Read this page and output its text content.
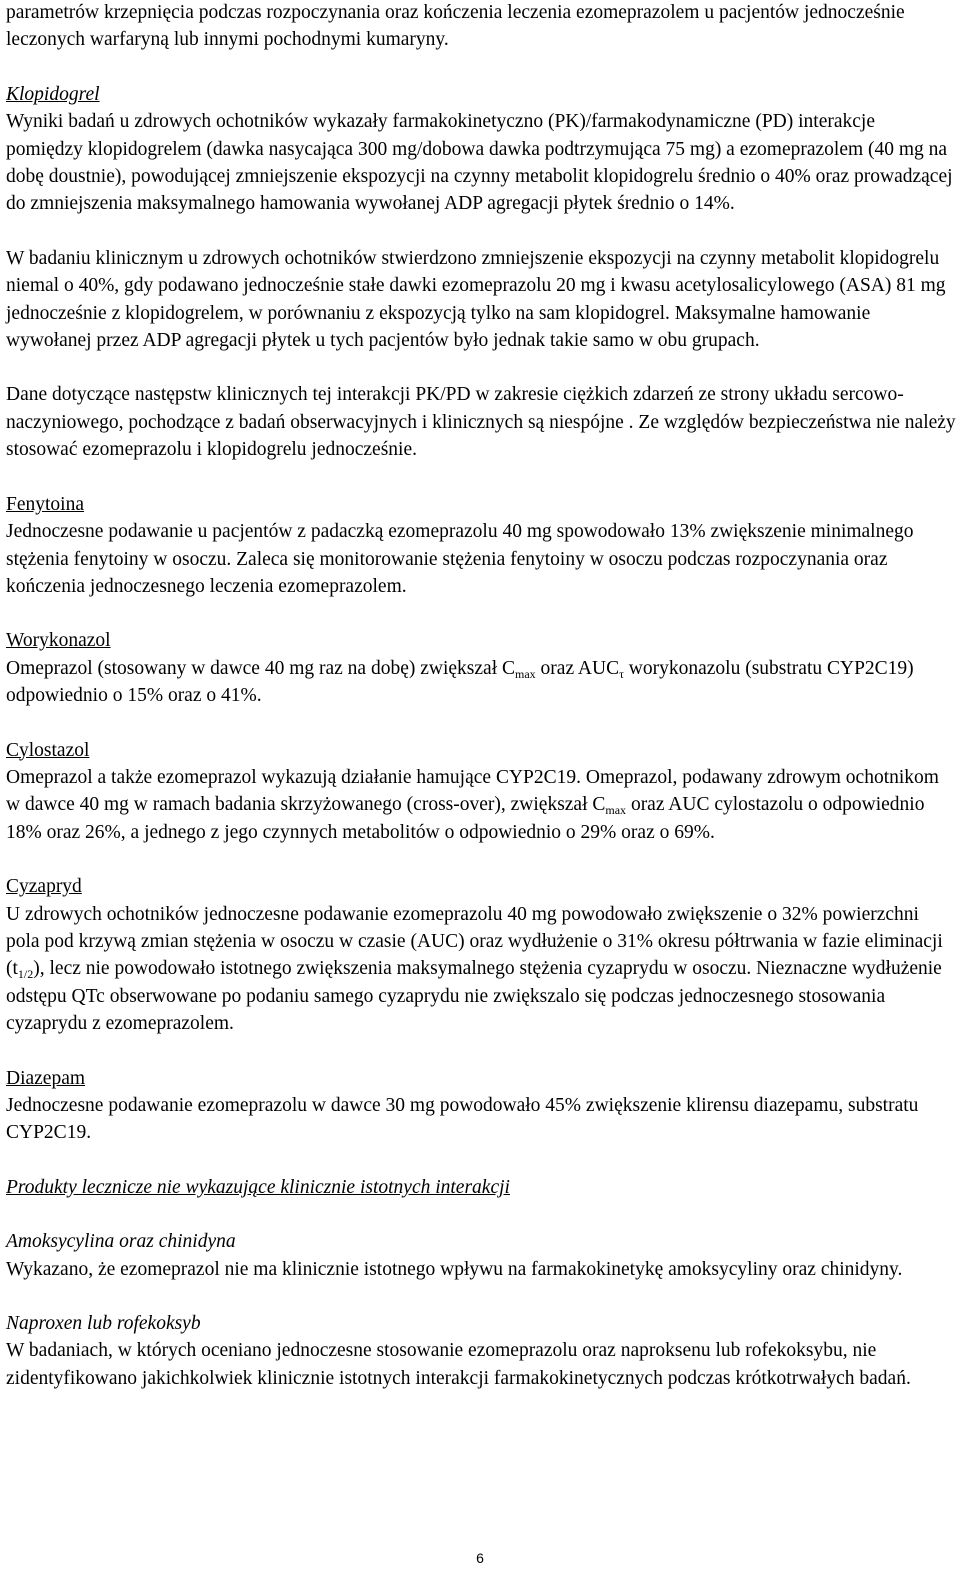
parametrów krzepnięcia podczas rozpoczynania oraz kończenia leczenia ezomeprazolem u pacjentów jednocześnie leczonych warfaryną lub innymi pochodnymi kumaryny.

Klopidogrel

Wyniki badań u zdrowych ochotników wykazały farmakokinetyczno (PK)/farmakodynamiczne (PD) interakcje pomiędzy klopidogrelem (dawka nasycająca 300 mg/dobowa dawka podtrzymująca 75 mg) a ezomeprazolem (40 mg na dobę doustnie), powodującej zmniejszenie ekspozycji na czynny metabolit klopidogrelu średnio o 40% oraz prowadzącej do zmniejszenia maksymalnego hamowania wywołanej ADP agregacji płytek średnio o 14%.

W badaniu klinicznym u zdrowych ochotników stwierdzono zmniejszenie ekspozycji na czynny metabolit klopidogrelu niemal o 40%, gdy podawano jednocześnie stałe dawki ezomeprazolu 20 mg i kwasu acetylosalicylowego (ASA) 81 mg jednocześnie z klopidogrelem, w porównaniu z ekspozycją tylko na sam klopidogrel. Maksymalne hamowanie wywołanej przez ADP agregacji płytek u tych pacjentów było jednak takie samo w obu grupach.

Dane dotyczące następstw klinicznych tej interakcji PK/PD w zakresie ciężkich zdarzeń ze strony układu sercowo-naczyniowego, pochodzące z badań obserwacyjnych i klinicznych są niespójne . Ze względów bezpieczeństwa nie należy stosować ezomeprazolu i klopidogrelu jednocześnie.

Fenytoina

Jednoczesne podawanie u pacjentów z padaczką ezomeprazolu 40 mg spowodowało 13% zwiększenie minimalnego stężenia fenytoiny w osoczu. Zaleca się monitorowanie stężenia fenytoiny w osoczu podczas rozpoczynania oraz kończenia jednoczesnego leczenia ezomeprazolem.

Worykonazol

Omeprazol (stosowany w dawce 40 mg raz na dobę) zwiększał $C_{max}$ oraz $AUC_\tau$ worykonazolu (substratu CYP2C19) odpowiednio o 15% oraz o 41%.

Cylostazol

Omeprazol a także ezomeprazol wykazują działanie hamujące CYP2C19. Omeprazol, podawany zdrowym ochotnikom w dawce 40 mg w ramach badania skrzyżowanego (cross-over), zwiększał $C_{max}$ oraz AUC cylostazolu o odpowiednio 18% oraz 26%, a jednego z jego czynnych metabolitów o odpowiednio o 29% oraz o 69%.

Cyzapryd

U zdrowych ochotników jednoczesne podawanie ezomeprazolu 40 mg powodowało zwiększenie o 32% powierzchni pola pod krzywą zmian stężenia w osoczu w czasie (AUC) oraz wydłużenie o 31% okresu półtrwania w fazie eliminacji $(t_{1/2})$, lecz nie powodowało istotnego zwiększenia maksymalnego stężenia cyzaprydu w osoczu. Nieznaczne wydłużenie odstępu QTc obserwowane po podaniu samego cyzaprydu nie zwiększalo się podczas jednoczesnego stosowania cyzaprydu z ezomeprazolem.

Diazepam

Jednoczesne podawanie ezomeprazolu w dawce 30 mg powodowało 45% zwiększenie klirensu diazepamu, substratu CYP2C19.

Produkty lecznicze nie wykazujące klinicznie istotnych interakcji

Amoksycylina oraz chinidyna

Wykazano, że ezomeprazol nie ma klinicznie istotnego wpływu na farmakokinetykę amoksycyliny oraz chinidyny.

Naproxen lub rofekoksyb

W badaniach, w których oceniano jednoczesne stosowanie ezomeprazolu oraz naproksenu lub rofekoksybu, nie zidentyfikowano jakichkolwiek klinicznie istotnych interakcji farmakokinetycznych podczas krótkotrwałych badań.

6
